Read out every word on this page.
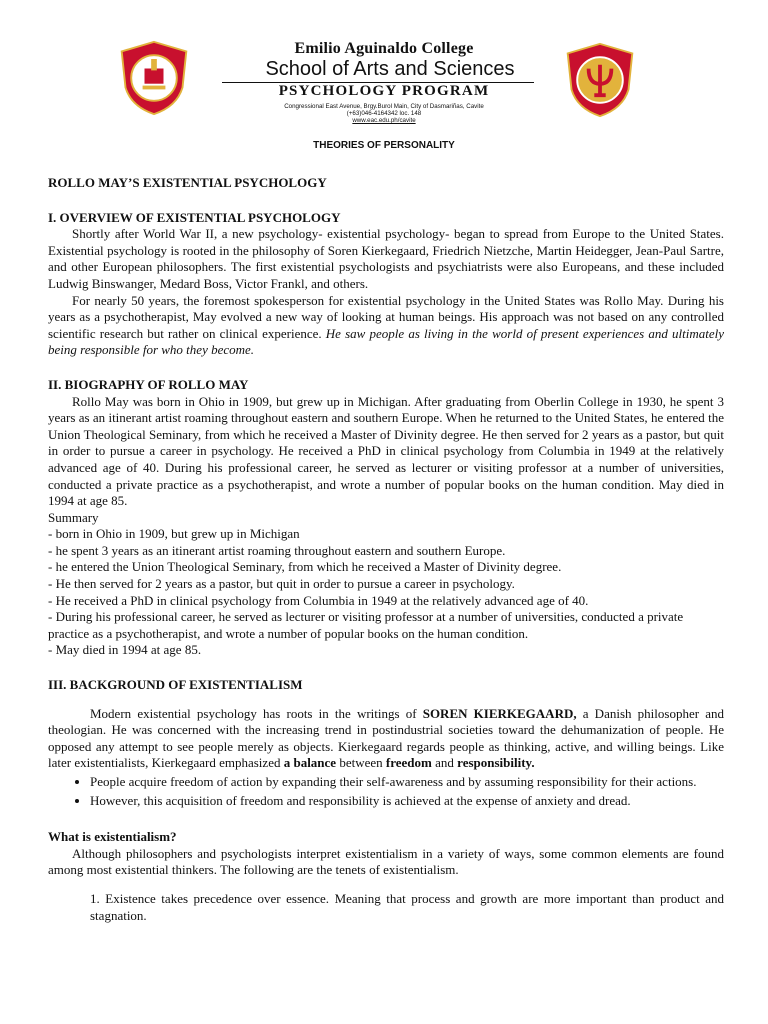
Emilio Aguinaldo College
School of Arts and Sciences
PSYCHOLOGY PROGRAM
Congressional East Avenue, Brgy.Burol Main, City of Dasmariñas, Cavite
(+63)046-4164342 loc. 148
www.eac.edu.ph/cavite
THEORIES OF PERSONALITY
ROLLO MAY’S EXISTENTIAL PSYCHOLOGY
I. OVERVIEW OF EXISTENTIAL PSYCHOLOGY

Shortly after World War II, a new psychology- existential psychology- began to spread from Europe to the United States. Existential psychology is rooted in the philosophy of Soren Kierkegaard, Friedrich Nietzche, Martin Heidegger, Jean-Paul Sartre, and other European philosophers. The first existential psychologists and psychiatrists were also Europeans, and these included Ludwig Binswanger, Medard Boss, Victor Frankl, and others.

For nearly 50 years, the foremost spokesperson for existential psychology in the United States was Rollo May. During his years as a psychotherapist, May evolved a new way of looking at human beings. His approach was not based on any controlled scientific research but rather on clinical experience. He saw people as living in the world of present experiences and ultimately being responsible for who they become.

II. BIOGRAPHY OF ROLLO MAY

Rollo May was born in Ohio in 1909, but grew up in Michigan. After graduating from Oberlin College in 1930, he spent 3 years as an itinerant artist roaming throughout eastern and southern Europe. When he returned to the United States, he entered the Union Theological Seminary, from which he received a Master of Divinity degree. He then served for 2 years as a pastor, but quit in order to pursue a career in psychology. He received a PhD in clinical psychology from Columbia in 1949 at the relatively advanced age of 40. During his professional career, he served as lecturer or visiting professor at a number of universities, conducted a private practice as a psychotherapist, and wrote a number of popular books on the human condition. May died in 1994 at age 85.

Summary

- born in Ohio in 1909, but grew up in Michigan

- he spent 3 years as an itinerant artist roaming throughout eastern and southern Europe.

- he entered the Union Theological Seminary, from which he received a Master of Divinity degree.

- He then served for 2 years as a pastor, but quit in order to pursue a career in psychology.

- He received a PhD in clinical psychology from Columbia in 1949 at the relatively advanced age of 40.

- During his professional career, he served as lecturer or visiting professor at a number of universities, conducted a private practice as a psychotherapist, and wrote a number of popular books on the human condition.

- May died in 1994 at age 85.

III. BACKGROUND OF EXISTENTIALISM

Modern existential psychology has roots in the writings of SOREN KIERKEGAARD, a Danish philosopher and theologian. He was concerned with the increasing trend in postindustrial societies toward the dehumanization of people. He opposed any attempt to see people merely as objects. Kierkegaard regards people as thinking, active, and willing beings. Like later existentialists, Kierkegaard emphasized a balance between freedom and responsibility.

• People acquire freedom of action by expanding their self-awareness and by assuming responsibility for their actions.
• However, this acquisition of freedom and responsibility is achieved at the expense of anxiety and dread.
What is existentialism?

Although philosophers and psychologists interpret existentialism in a variety of ways, some common elements are found among most existential thinkers. The following are the tenets of existentialism.

1. Existence takes precedence over essence. Meaning that process and growth are more important than product and stagnation.
